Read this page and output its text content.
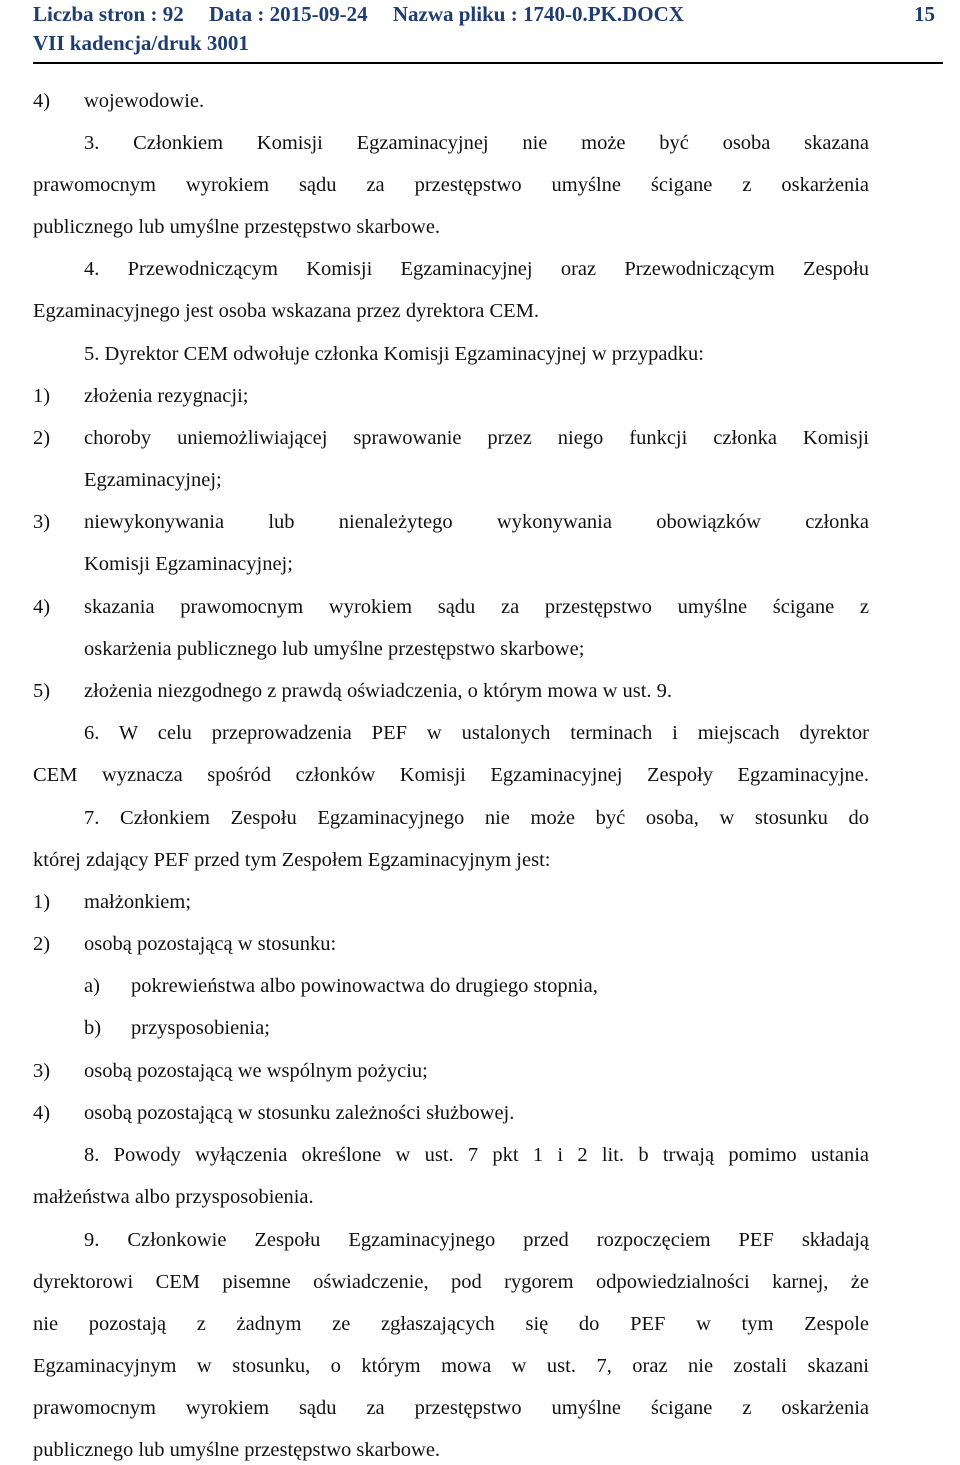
Liczba stron : 92 Data : 2015-09-24 Nazwa pliku : 1740-0.PK.DOCX
VII kadencja/druk 3001
15
4) wojewodowie.
3. Członkiem Komisji Egzaminacyjnej nie może być osoba skazana
prawomocnym wyrokiem sądu za przestępstwo umyślne ścigane z oskarżenia
publicznego lub umyślne przestępstwo skarbowe.
4. Przewodniczącym Komisji Egzaminacyjnej oraz Przewodniczącym Zespołu
Egzaminacyjnego jest osoba wskazana przez dyrektora CEM.
5. Dyrektor CEM odwołuje członka Komisji Egzaminacyjnej w przypadku:
1) złożenia rezygnacji;
2) choroby uniemożliwiającej sprawowanie przez niego funkcji członka Komisji
Egzaminacyjnej;
3) niewykonywania lub nienależytego wykonywania obowiązków członka
Komisji Egzaminacyjnej;
4) skazania prawomocnym wyrokiem sądu za przestępstwo umyślne ścigane z
oskarżenia publicznego lub umyślne przestępstwo skarbowe;
5) złożenia niezgodnego z prawdą oświadczenia, o którym mowa w ust. 9.
6. W celu przeprowadzenia PEF w ustalonych terminach i miejscach dyrektor
CEM wyznacza spośród członków Komisji Egzaminacyjnej Zespoły Egzaminacyjne.
7. Członkiem Zespołu Egzaminacyjnego nie może być osoba, w stosunku do
której zdający PEF przed tym Zespołem Egzaminacyjnym jest:
1) małżonkiem;
2) osobą pozostającą w stosunku:
a) pokrewieństwa albo powinowactwa do drugiego stopnia,
b) przysposobienia;
3) osobą pozostającą we wspólnym pożyciu;
4) osobą pozostającą w stosunku zależności służbowej.
8. Powody wyłączenia określone w ust. 7 pkt 1 i 2 lit. b trwają pomimo ustania
małżeństwa albo przysposobienia.
9. Członkowie Zespołu Egzaminacyjnego przed rozpoczęciem PEF składają
dyrektorowi CEM pisemne oświadczenie, pod rygorem odpowiedzialności karnej, że
nie pozostają z żadnym ze zgłaszających się do PEF w tym Zespole
Egzaminacyjnym w stosunku, o którym mowa w ust. 7, oraz nie zostali skazani
prawomocnym wyrokiem sądu za przestępstwo umyślne ścigane z oskarżenia
publicznego lub umyślne przestępstwo skarbowe.
